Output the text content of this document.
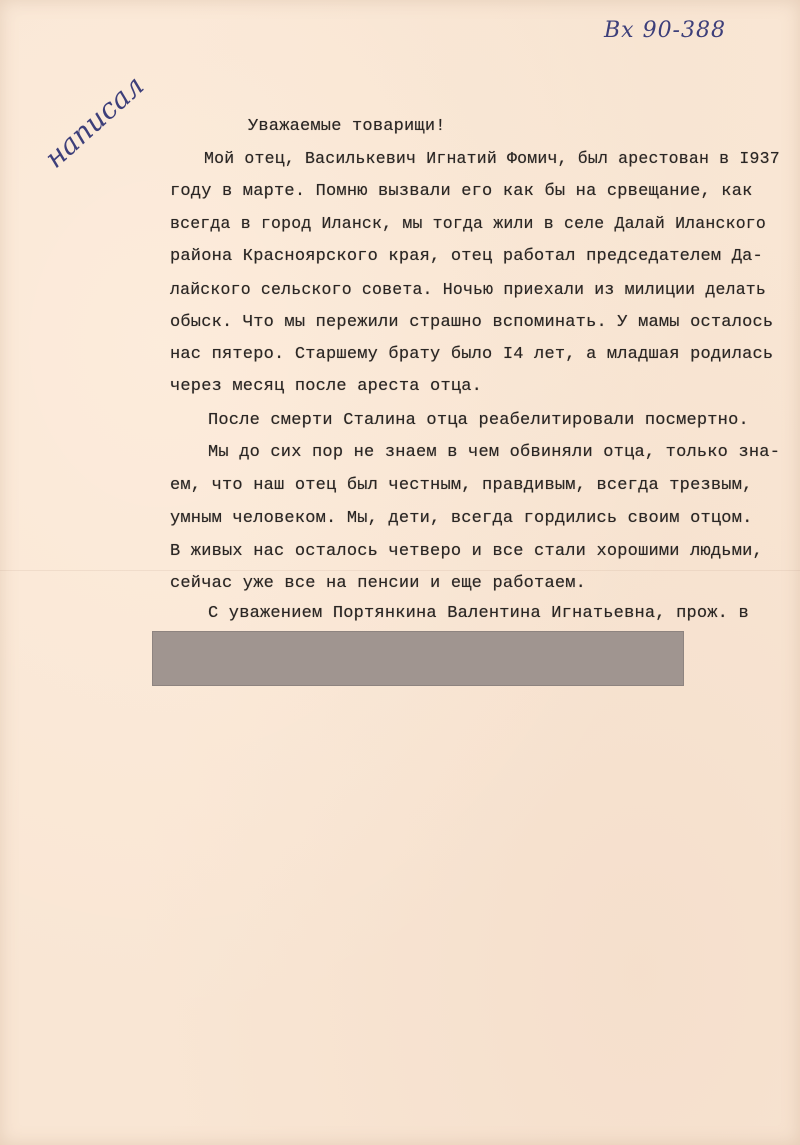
Вх 90-388
написал	Уважаемые товарищи!
Мой отец, Василькевич Игнатий Фомич, был арестован в I937
году в марте. Помню вызвали его как бы на срвещание, как
всегда в город Иланск, мы тогда жили в селе Далай Иланского
района Красноярского края, отец работал председателем Да-
лайского сельского совета. Ночью приехали из милиции делать
обыск. Что мы пережили страшно вспоминать. У мамы осталось
нас пятеро. Старшему брату было I4 лет, а младшая родилась
через месяц после ареста отца.
После смерти Сталина отца реабелитировали посмертно.
Мы до сих пор не знаем в чем обвиняли отца, только зна-
ем, что наш отец был честным, правдивым, всегда трезвым,
умным человеком. Мы, дети, всегда гордились своим отцом.
В живых нас осталось четверо и все стали хорошими людьми,
сейчас уже все на пенсии и еще работаем.
С уважением Портянкина Валентина Игнатьевна, прож. в
